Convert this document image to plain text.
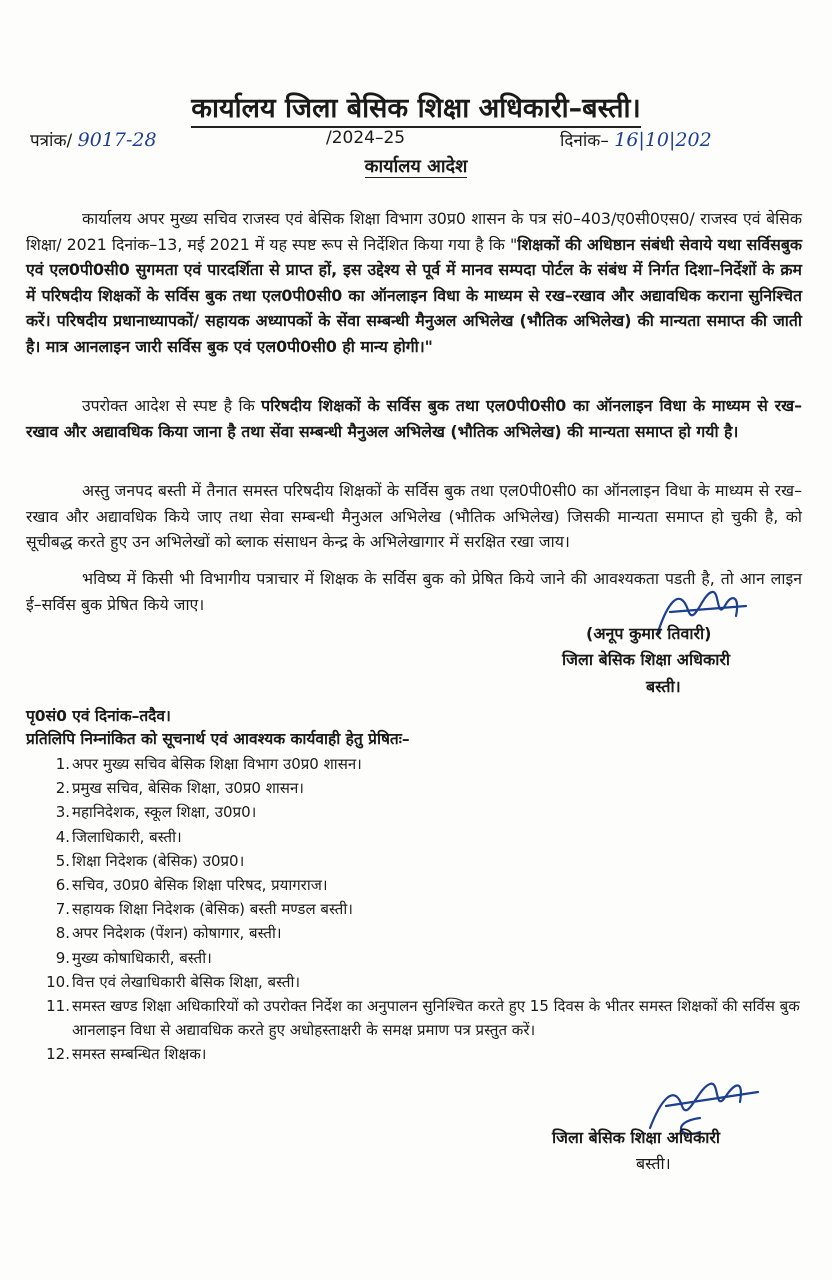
कार्यालय जिला बेसिक शिक्षा अधिकारी–बस्ती।
पत्रांक/ 9017-28	/2024–25	दिनांक– 16|10|202
कार्यालय आदेश

कार्यालय अपर मुख्य सचिव राजस्व एवं बेसिक शिक्षा विभाग उ0प्र0 शासन के पत्र सं0–403/ए0सी0एस0/ राजस्व एवं बेसिक शिक्षा/ 2021 दिनांक–13, मई 2021 में यह स्पष्ट रूप से निर्देशित किया गया है कि "शिक्षकों की अधिष्ठान संबंधी सेवाये यथा सर्विसबुक एवं एल0पी0सी0 सुगमता एवं पारदर्शिता से प्राप्त हों, इस उद्देश्य से पूर्व में मानव सम्पदा पोर्टल के संबंध में निर्गत दिशा–निर्देशों के क्रम में परिषदीय शिक्षकों के सर्विस बुक तथा एल0पी0सी0 का ऑनलाइन विधा के माध्यम से रख–रखाव और अद्यावधिक कराना सुनिश्चित करें। परिषदीय प्रधानाध्यापकों/ सहायक अध्यापकों के सेंवा सम्बन्धी मैनुअल अभिलेख (भौतिक अभिलेख) की मान्यता समाप्त की जाती है। मात्र आनलाइन जारी सर्विस बुक एवं एल0पी0सी0 ही मान्य होगी।"

उपरोक्त आदेश से स्पष्ट है कि परिषदीय शिक्षकों के सर्विस बुक तथा एल0पी0सी0 का ऑनलाइन विधा के माध्यम से रख–रखाव और अद्यावधिक किया जाना है तथा सेंवा सम्बन्धी मैनुअल अभिलेख (भौतिक अभिलेख) की मान्यता समाप्त हो गयी है।

अस्तु जनपद बस्ती में तैनात समस्त परिषदीय शिक्षकों के सर्विस बुक तथा एल0पी0सी0 का ऑनलाइन विधा के माध्यम से रख–रखाव और अद्यावधिक किये जाए तथा सेवा सम्बन्धी मैनुअल अभिलेख (भौतिक अभिलेख) जिसकी मान्यता समाप्त हो चुकी है, को सूचीबद्ध करते हुए उन अभिलेखों को ब्लाक संसाधन केन्द्र के अभिलेखागार में सरक्षित रखा जाय।

भविष्य में किसी भी विभागीय पत्राचार में शिक्षक के सर्विस बुक को प्रेषित किये जाने की आवश्यकता पडती है, तो आन लाइन ई–सर्विस बुक प्रेषित किये जाए।

(अनूप कुमार तिवारी)
जिला बेसिक शिक्षा अधिकारी
बस्ती।
पृ0सं0 एवं दिनांक–तदैव।
प्रतिलिपि निम्नांकित को सूचनार्थ एवं आवश्यक कार्यवाही हेतु प्रेषितः–
1. अपर मुख्य सचिव बेसिक शिक्षा विभाग उ0प्र0 शासन।
2. प्रमुख सचिव, बेसिक शिक्षा, उ0प्र0 शासन।
3. महानिदेशक, स्कूल शिक्षा, उ0प्र0।
4. जिलाधिकारी, बस्ती।
5. शिक्षा निदेशक (बेसिक) उ0प्र0।
6. सचिव, उ0प्र0 बेसिक शिक्षा परिषद, प्रयागराज।
7. सहायक शिक्षा निदेशक (बेसिक) बस्ती मण्डल बस्ती।
8. अपर निदेशक (पेंशन) कोषागार, बस्ती।
9. मुख्य कोषाधिकारी, बस्ती।
10. वित्त एवं लेखाधिकारी बेसिक शिक्षा, बस्ती।
11. समस्त खण्ड शिक्षा अधिकारियों को उपरोक्त निर्देश का अनुपालन सुनिश्चित करते हुए 15 दिवस के भीतर समस्त शिक्षकों की सर्विस बुक आनलाइन विधा से अद्यावधिक करते हुए अधोहस्ताक्षरी के समक्ष प्रमाण पत्र प्रस्तुत करें।
12. समस्त सम्बन्धित शिक्षक।
जिला बेसिक शिक्षा अधिकारी
बस्ती।
